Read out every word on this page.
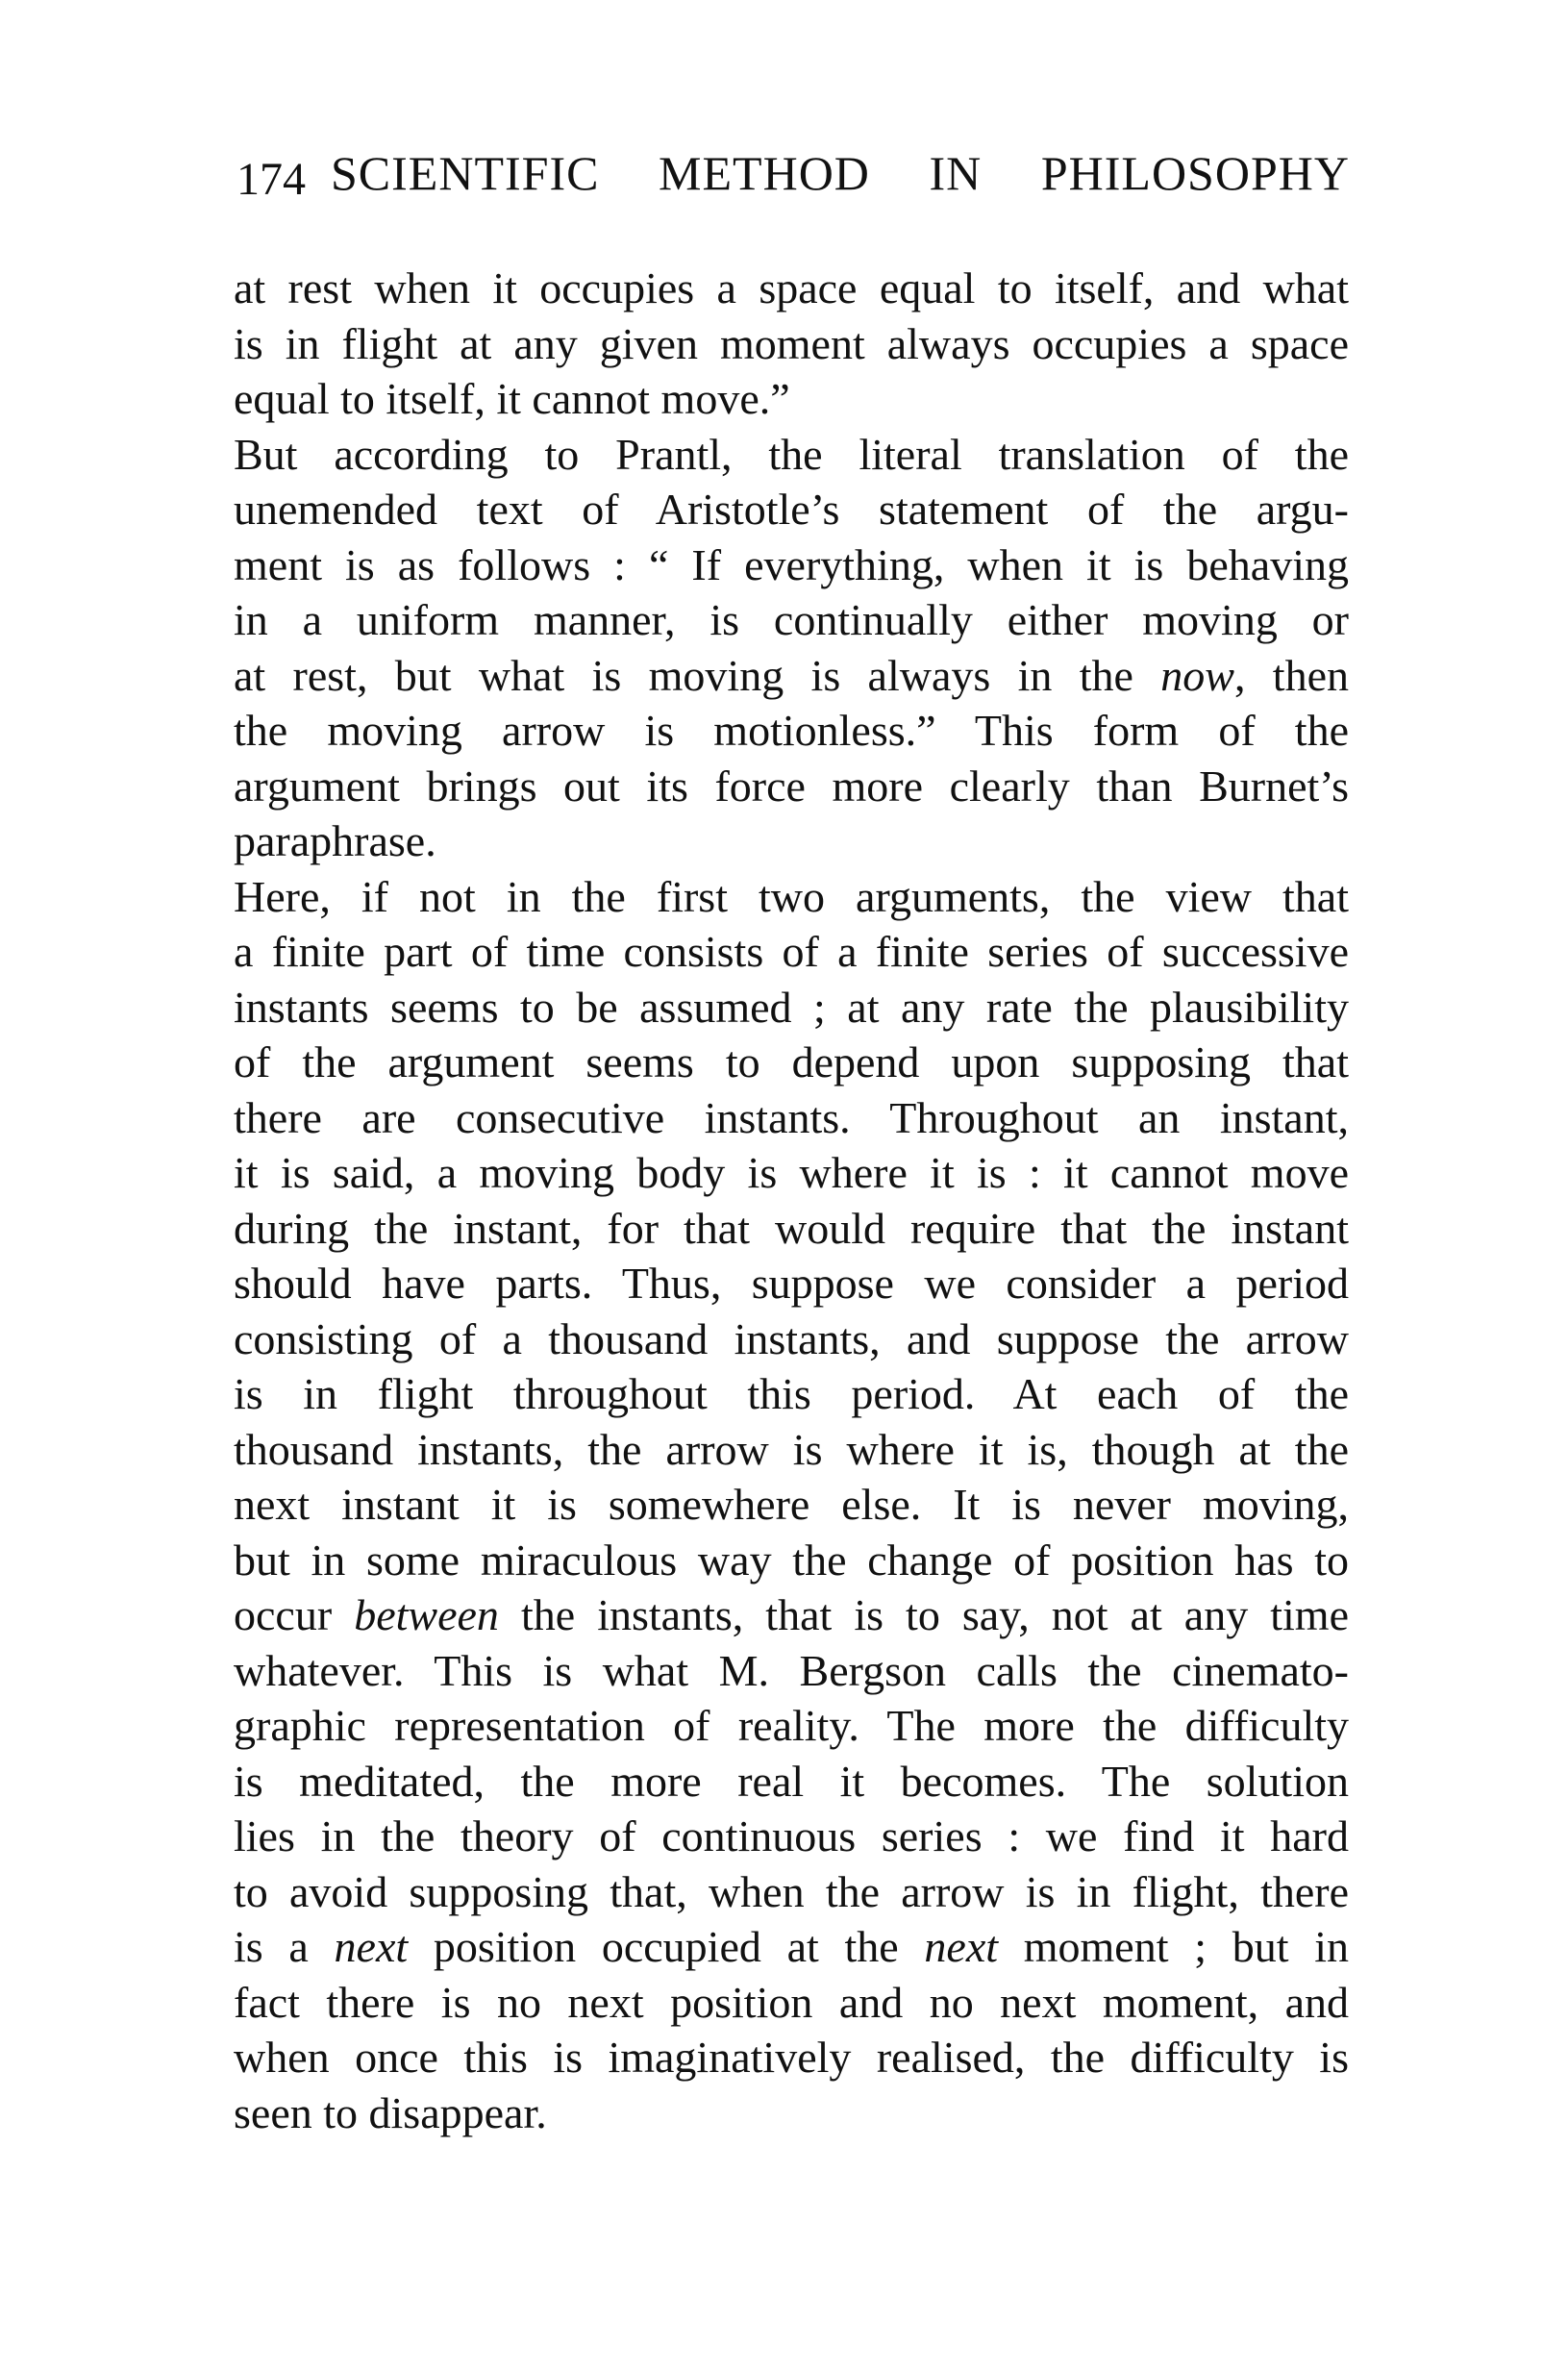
174 SCIENTIFIC METHOD IN PHILOSOPHY
at rest when it occupies a space equal to itself, and what
is in flight at any given moment always occupies a space
equal to itself, it cannot move.”
But according to Prantl, the literal translation of the
unemended text of Aristotle’s statement of the argu-
ment is as follows : “ If everything, when it is behaving
in a uniform manner, is continually either moving or
at rest, but what is moving is always in the now, then
the moving arrow is motionless.” This form of the
argument brings out its force more clearly than Burnet’s
paraphrase.
Here, if not in the first two arguments, the view that
a finite part of time consists of a finite series of successive
instants seems to be assumed ; at any rate the plausibility
of the argument seems to depend upon supposing that
there are consecutive instants. Throughout an instant,
it is said, a moving body is where it is : it cannot move
during the instant, for that would require that the instant
should have parts. Thus, suppose we consider a period
consisting of a thousand instants, and suppose the arrow
is in flight throughout this period. At each of the
thousand instants, the arrow is where it is, though at the
next instant it is somewhere else. It is never moving,
but in some miraculous way the change of position has to
occur between the instants, that is to say, not at any time
whatever. This is what M. Bergson calls the cinemato-
graphic representation of reality. The more the difficulty
is meditated, the more real it becomes. The solution
lies in the theory of continuous series : we find it hard
to avoid supposing that, when the arrow is in flight, there
is a next position occupied at the next moment ; but in
fact there is no next position and no next moment, and
when once this is imaginatively realised, the difficulty is
seen to disappear.
